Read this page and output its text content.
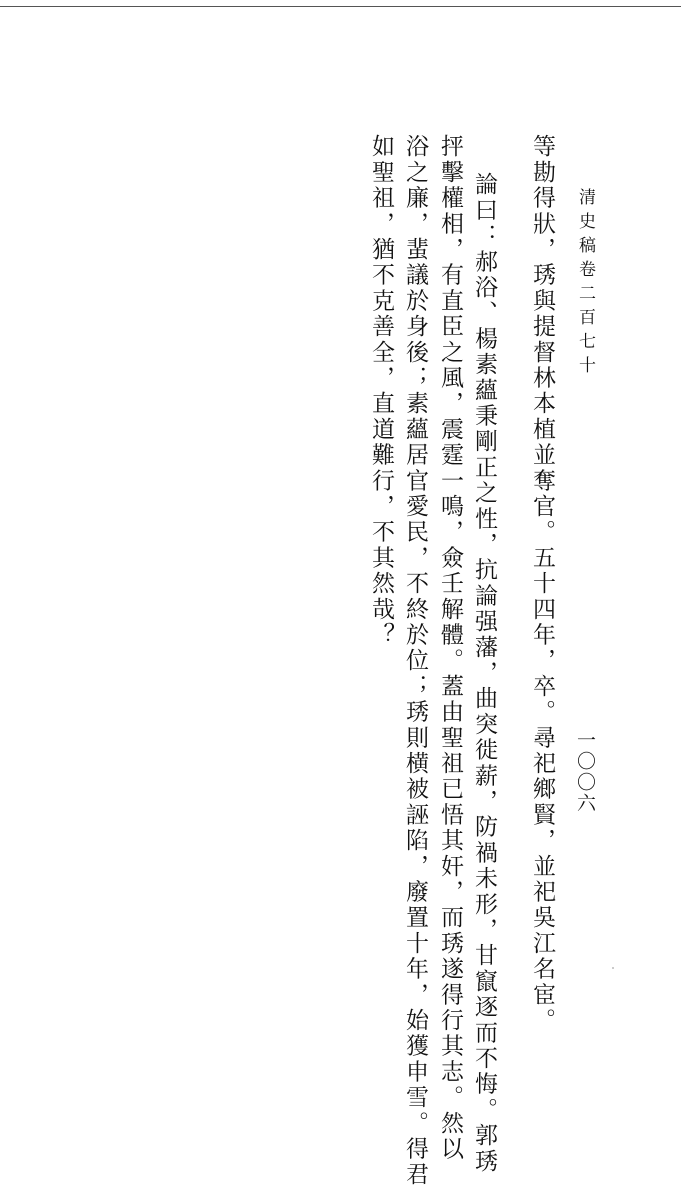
清史稿卷二百七十
一〇〇六
等勘得狀，琇與提督林本植並奪官。五十四年，卒。尋祀鄉賢，並祀吳江名宦。
論曰：郝浴、楊素蘊秉剛正之性，抗論强藩，曲突徙薪，防禍未形，甘竄逐而不悔。郭琇
抨擊權相，有直臣之風，震霆一鳴，僉壬解體。蓋由聖祖已悟其奸，而琇遂得行其志。然以
浴之廉，蜚議於身後；素蘊居官愛民，不終於位；琇則横被誣陷，廢置十年，始獲申雪。得君
如聖祖，猶不克善全，直道難行，不其然哉？
